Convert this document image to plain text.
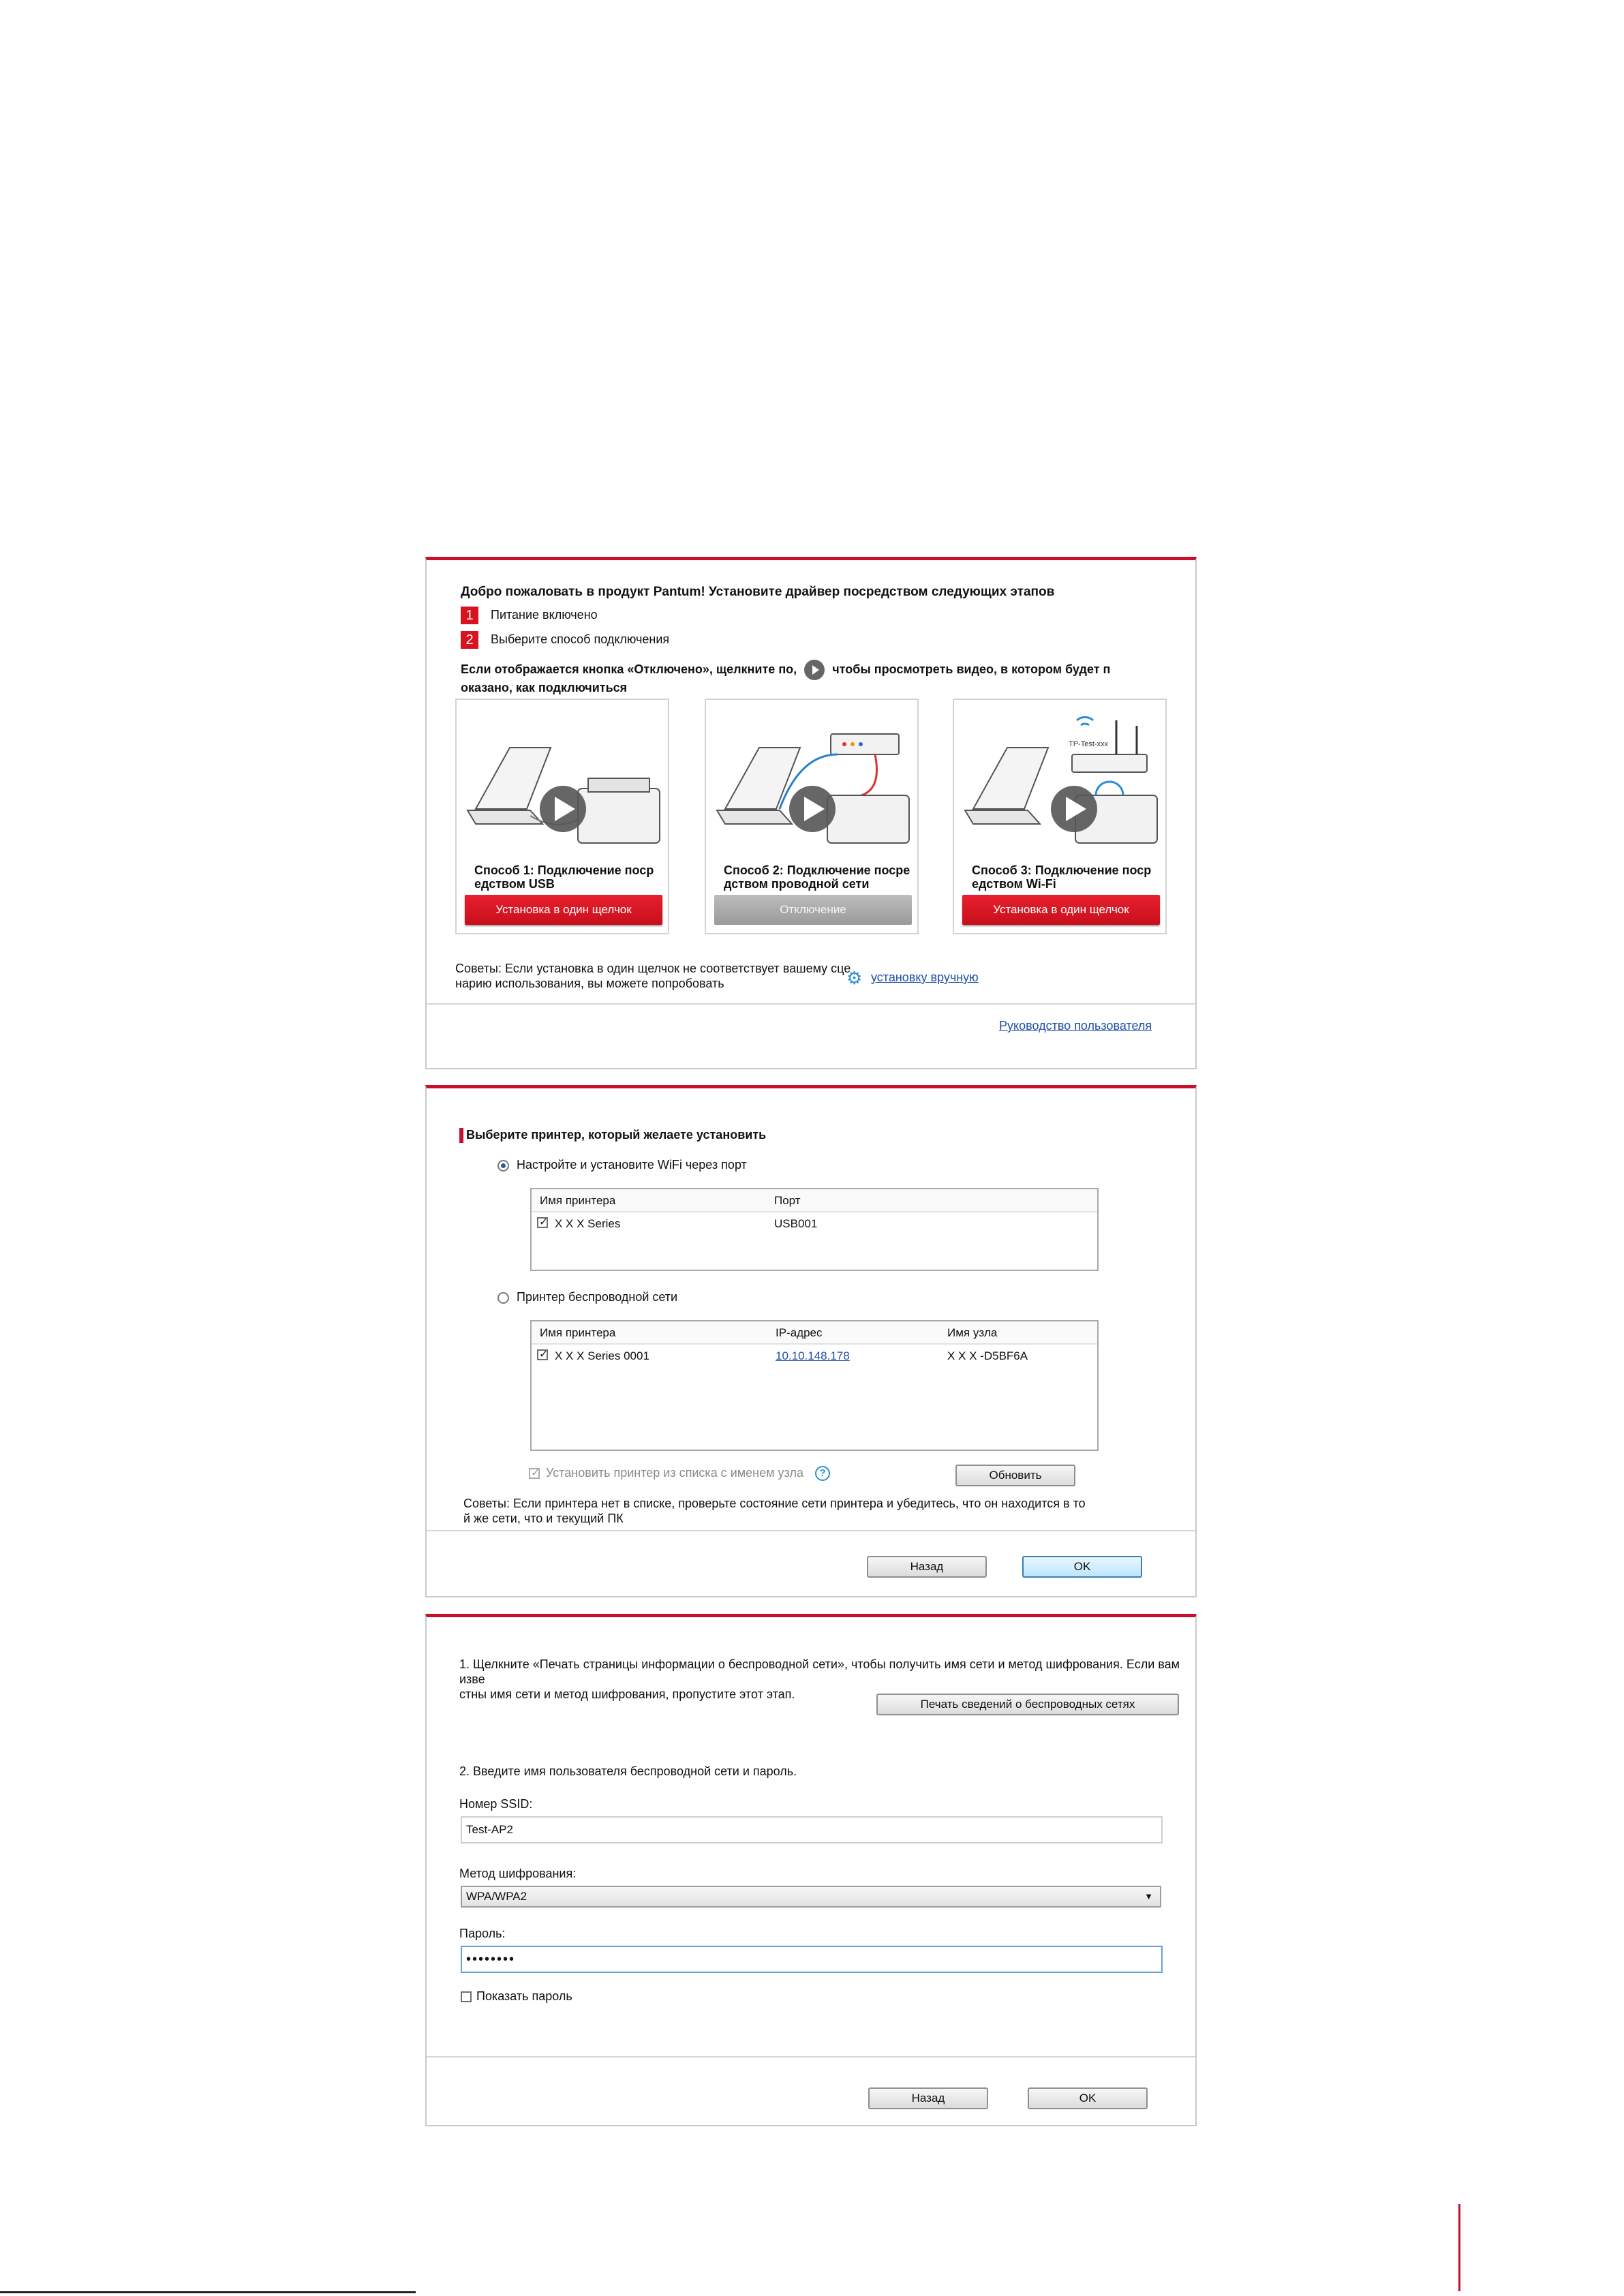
Добро пожаловать в продукт Pantum! Установите драйвер посредством следующих этапов
1 Питание включено
2 Выберите способ подключения
Если отображается кнопка «Отключено», щелкните по,	чтобы просмотреть видео, в котором будет п
оказано, как подключиться
Способ 1: Подключение поср
едством USB
Установка в один щелчок
Способ 2: Подключение посре
дством проводной сети
Отключение
TP-Test-xxx
Способ 3: Подключение поср
едством Wi-Fi
Установка в один щелчок
Советы: Если установка в один щелчок не соответствует вашему сце
нарию использования, вы можете попробовать	⚙ установку вручную
Руководство пользователя
Выберите принтер, который желаете установить
Настройте и установите WiFi через порт
Имя принтера	Порт
✓
X X X Series	USB001
Принтер беспроводной сети
Имя принтера	IP-адрес	Имя узла
✓
X X X Series 0001	10.10.148.178	X X X -D5BF6A
✓ Установить принтер из списка с именем узла ?	Обновить
Советы: Если принтера нет в списке, проверьте состояние сети принтера и убедитесь, что он находится в то
й же сети, что и текущий ПК
Назад	OK
1. Щелкните «Печать страницы информации о беспроводной сети», чтобы получить имя сети и метод шифрования. Если вам изве
стны имя сети и метод шифрования, пропустите этот этап.
Печать сведений о беспроводных сетях
2. Введите имя пользователя беспроводной сети и пароль.
Номер SSID:
Test-AP2
Метод шифрования:
WPA/WPA2	▼
Пароль:
••••••••
Показать пароль
Назад	OK
